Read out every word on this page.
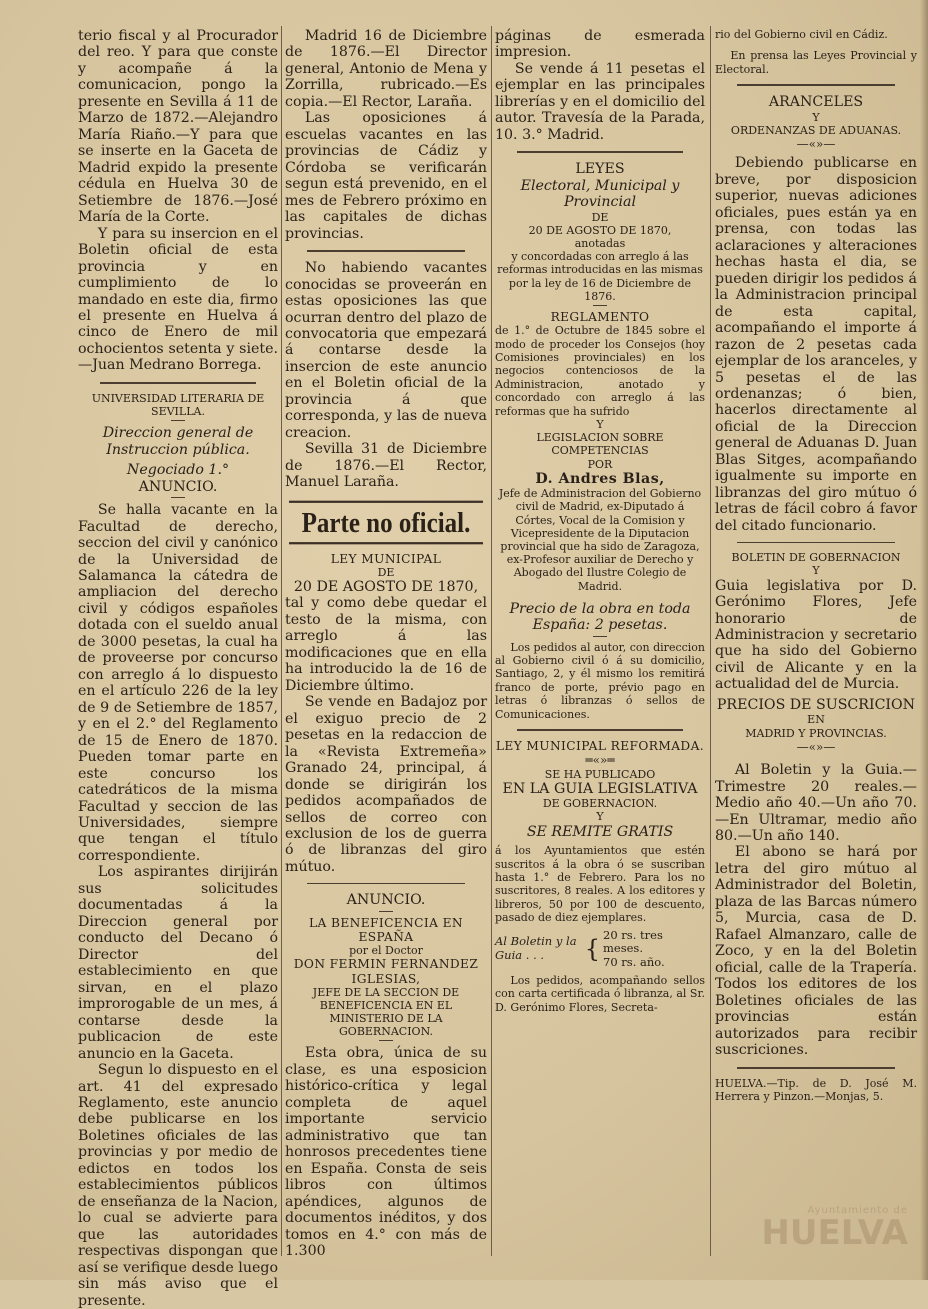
terio fiscal y al Procurador del reo. Y para que conste y acompañe á la comunicacion, pongo la presente en Sevilla á 11 de Marzo de 1872.—Alejandro María Riaño.—Y para que se inserte en la Gaceta de Madrid expido la presente cédula en Huelva 30 de Setiembre de 1876.—José María de la Corte.

Y para su insercion en el Boletin oficial de esta provincia y en cumplimiento de lo mandado en este dia, firmo el presente en Huelva á cinco de Enero de mil ochocientos setenta y siete.—Juan Medrano Borrega.

UNIVERSIDAD LITERARIA DE SEVILLA.

Direccion general de Instruccion pública.

Negociado 1.°

ANUNCIO.

Se halla vacante en la Facultad de derecho, seccion del civil y canónico de la Universidad de Salamanca la cátedra de ampliacion del derecho civil y códigos españoles dotada con el sueldo anual de 3000 pesetas, la cual ha de proveerse por concurso con arreglo á lo dispuesto en el artículo 226 de la ley de 9 de Setiembre de 1857, y en el 2.° del Reglamento de 15 de Enero de 1870. Pueden tomar parte en este concurso los catedráticos de la misma Facultad y seccion de las Universidades, siempre que tengan el título correspondiente.

Los aspirantes dirijirán sus solicitudes documentadas á la Direccion general por conducto del Decano ó Director del establecimiento en que sirvan, en el plazo improrogable de un mes, á contarse desde la publicacion de este anuncio en la Gaceta.

Segun lo dispuesto en el art. 41 del expresado Reglamento, este anuncio debe publicarse en los Boletines oficiales de las provincias y por medio de edictos en todos los establecimientos públicos de enseñanza de la Nacion, lo cual se advierte para que las autoridades respectivas dispongan que así se verifique desde luego sin más aviso que el presente.

Madrid 16 de Diciembre de 1876.—El Director general, Antonio de Mena y Zorrilla, rubricado.—Es copia.—El Rector, Laraña.

Las oposiciones á escuelas vacantes en las provincias de Cádiz y Córdoba se verificarán segun está prevenido, en el mes de Febrero próximo en las capitales de dichas provincias.

No habiendo vacantes conocidas se proveerán en estas oposiciones las que ocurran dentro del plazo de convocatoria que empezará á contarse desde la insercion de este anuncio en el Boletin oficial de la provincia á que corresponda, y las de nueva creacion.

Sevilla 31 de Diciembre de 1876.—El Rector, Manuel Laraña.

Parte no oficial.

LEY MUNICIPAL

DE

20 DE AGOSTO DE 1870,

tal y como debe quedar el testo de la misma, con arreglo á las modificaciones que en ella ha introducido la de 16 de Diciembre último.

Se vende en Badajoz por el exiguo precio de 2 pesetas en la redaccion de la «Revista Extremeña» Granado 24, principal, á donde se dirigirán los pedidos acompañados de sellos de correo con exclusion de los de guerra ó de libranzas del giro mútuo.

ANUNCIO.

LA BENEFICENCIA EN ESPAÑA

por el Doctor

DON FERMIN FERNANDEZ IGLESIAS,

JEFE DE LA SECCION DE BENEFICENCIA EN EL MINISTERIO DE LA GOBERNACION.

Esta obra, única de su clase, es una esposicion histórico-crítica y legal completa de aquel importante servicio administrativo que tan honrosos precedentes tiene en España. Consta de seis libros con últimos apéndices, algunos de documentos inéditos, y dos tomos en 4.° con más de 1.300

páginas de esmerada impresion.

Se vende á 11 pesetas el ejemplar en las principales librerías y en el domicilio del autor. Travesía de la Parada, 10. 3.° Madrid.

LEYES

Electoral, Municipal y Provincial

DE

20 DE AGOSTO DE 1870,

anotadas

y concordadas con arreglo á las reformas introducidas en las mismas por la ley de 16 de Diciembre de 1876.

REGLAMENTO

de 1.° de Octubre de 1845 sobre el modo de proceder los Consejos (hoy Comisiones provinciales) en los negocios contenciosos de la Administracion, anotado y concordado con arreglo á las reformas que ha sufrido

Y

LEGISLACION SOBRE COMPETENCIAS

POR

D. Andres Blas,

Jefe de Administracion del Gobierno civil de Madrid, ex-Diputado á Córtes, Vocal de la Comision y Vicepresidente de la Diputacion provincial que ha sido de Zaragoza, ex-Profesor auxiliar de Derecho y Abogado del Ilustre Colegio de Madrid.

Precio de la obra en toda España: 2 pesetas.

Los pedidos al autor, con direccion al Gobierno civil ó á su domicilio, Santiago, 2, y él mismo los remitirá franco de porte, prévio pago en letras ó libranzas ó sellos de Comunicaciones.

LEY MUNICIPAL REFORMADA.

═«»═

SE HA PUBLICADO

EN LA GUIA LEGISLATIVA

DE GOBERNACION.

Y

SE REMITE GRATIS

á los Ayuntamientos que estén suscritos á la obra ó se suscriban hasta 1.° de Febrero. Para los no suscritores, 8 reales. A los editores y libreros, 50 por 100 de descuento, pasado de diez ejemplares.

Al Boletin y la Guia . . .	{
20 rs. tres meses.
70 rs. año.

Los pedidos, acompañando sellos con carta certificada ó libranza, al Sr. D. Gerónimo Flores, Secreta-

rio del Gobierno civil en Cádiz.

En prensa las Leyes Provincial y Electoral.

ARANCELES

Y

ORDENANZAS DE ADUANAS.

—«»—

Debiendo publicarse en breve, por disposicion superior, nuevas adiciones oficiales, pues están ya en prensa, con todas las aclaraciones y alteraciones hechas hasta el dia, se pueden dirigir los pedidos á la Administracion principal de esta capital, acompañando el importe á razon de 2 pesetas cada ejemplar de los aranceles, y 5 pesetas el de las ordenanzas; ó bien, hacerlos directamente al oficial de la Direccion general de Aduanas D. Juan Blas Sitges, acompañando igualmente su importe en libranzas del giro mútuo ó letras de fácil cobro á favor del citado funcionario.

BOLETIN DE GOBERNACION

Y

Guia legislativa por D. Gerónimo Flores, Jefe honorario de Administracion y secretario que ha sido del Gobierno civil de Alicante y en la actualidad del de Murcia.

PRECIOS DE SUSCRICION

EN

MADRID Y PROVINCIAS.

—«»—

Al Boletin y la Guia.—Trimestre 20 reales.—Medio año 40.—Un año 70.—En Ultramar, medio año 80.—Un año 140.

El abono se hará por letra del giro mútuo al Administrador del Boletin, plaza de las Barcas número 5, Murcia, casa de D. Rafael Almanzaro, calle de Zoco, y en la del Boletin oficial, calle de la Trapería. Todos los editores de los Boletines oficiales de las provincias están autorizados para recibir suscriciones.

HUELVA.—Tip. de D. José M. Herrera y Pinzon.—Monjas, 5.

Ayuntamiento de
HUELVA
